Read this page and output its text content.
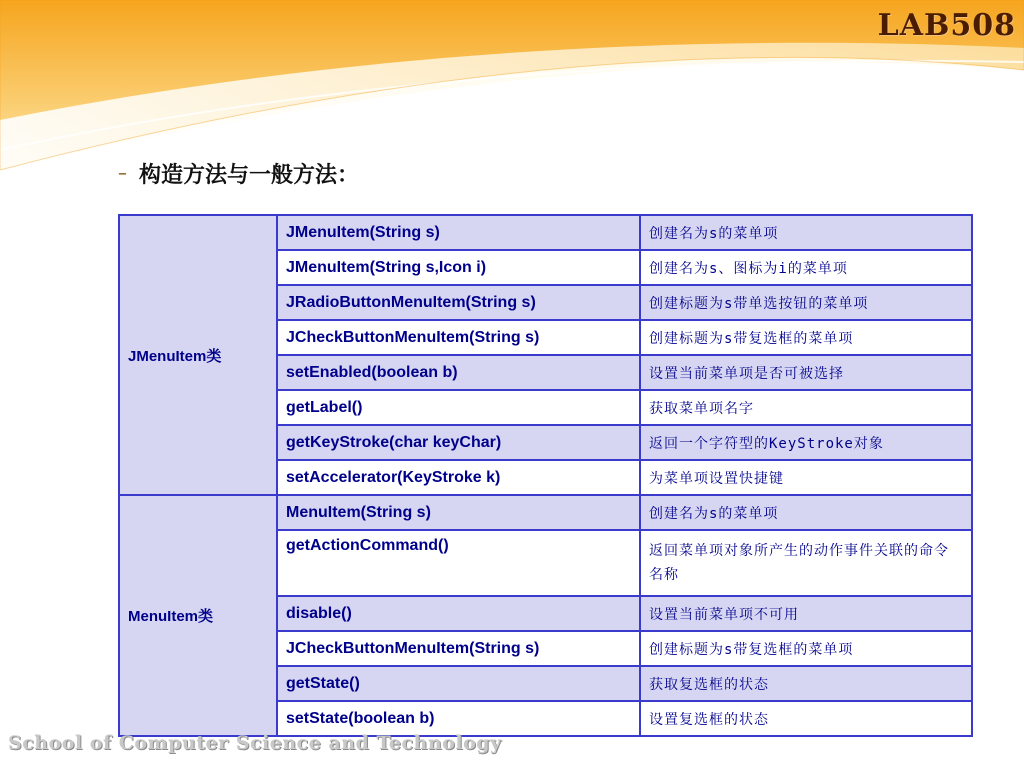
LAB508
– 构造方法与一般方法：
JMenuItem类	JMenuItem(String s)	创建名为s的菜单项
	JMenuItem(String s,Icon i)	创建名为s、图标为i的菜单项
	JRadioButtonMenuItem(String s)	创建标题为s带单选按钮的菜单项
	JCheckButtonMenuItem(String s)	创建标题为s带复选框的菜单项
	setEnabled(boolean b)	设置当前菜单项是否可被选择
	getLabel()	获取菜单项名字
	getKeyStroke(char keyChar)	返回一个字符型的KeyStroke对象
	setAccelerator(KeyStroke k)	为菜单项设置快捷键
MenuItem类	MenuItem(String s)	创建名为s的菜单项
	getActionCommand()	返回菜单项对象所产生的动作事件关联的命令名称
	disable()	设置当前菜单项不可用
	JCheckButtonMenuItem(String s)	创建标题为s带复选框的菜单项
	getState()	获取复选框的状态
	setState(boolean b)	设置复选框的状态
School of Computer Science and Technology
